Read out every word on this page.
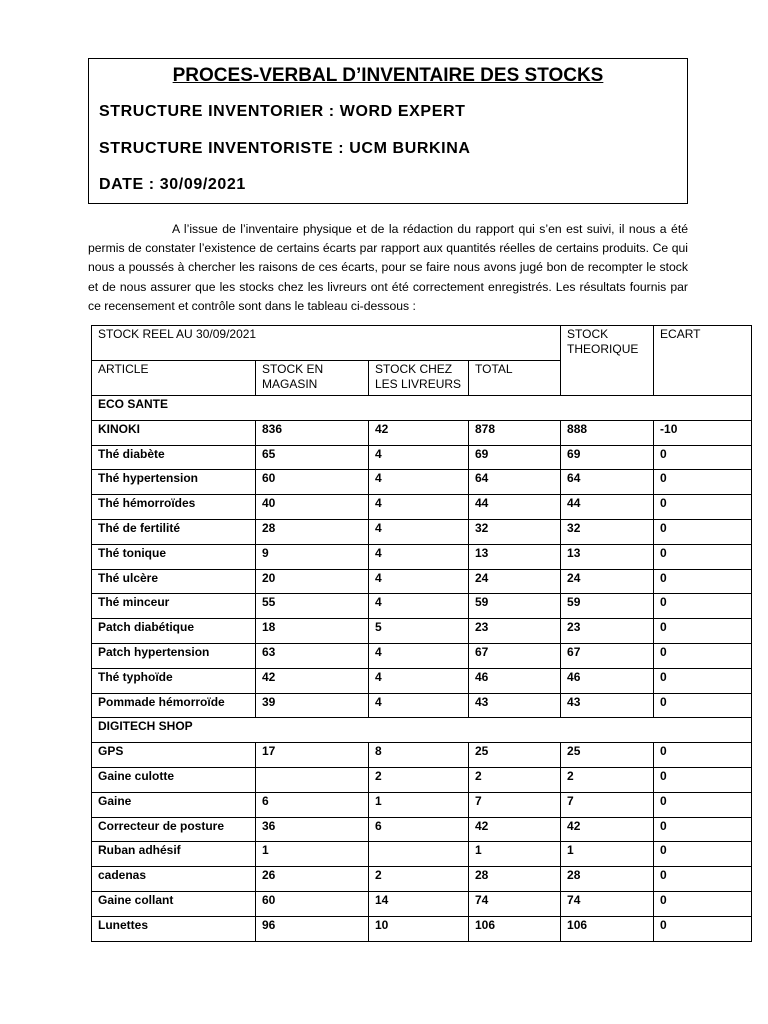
PROCES-VERBAL D’INVENTAIRE DES STOCKS
STRUCTURE INVENTORIER : WORD EXPERT
STRUCTURE INVENTORISTE : UCM BURKINA
DATE : 30/09/2021
A l’issue de l’inventaire physique et de la rédaction du rapport qui s’en est suivi, il nous a été permis de constater l’existence de certains écarts par rapport aux quantités réelles de certains produits. Ce qui nous a poussés à chercher les raisons de ces écarts, pour se faire nous avons jugé bon de recompter le stock et de nous assurer que les stocks chez les livreurs ont été correctement enregistrés. Les résultats fournis par ce recensement et contrôle sont dans le tableau ci-dessous :
STOCK REEL AU 30/09/2021				STOCK THEORIQUE	ECART
ARTICLE	STOCK EN MAGASIN	STOCK CHEZ LES LIVREURS	TOTAL		
ECO SANTE					
KINOKI	836	42	878	888	-10
Thé diabète	65	4	69	69	0
Thé hypertension	60	4	64	64	0
Thé hémorroïdes	40	4	44	44	0
Thé de fertilité	28	4	32	32	0
Thé tonique	9	4	13	13	0
Thé ulcère	20	4	24	24	0
Thé minceur	55	4	59	59	0
Patch diabétique	18	5	23	23	0
Patch hypertension	63	4	67	67	0
Thé typhoïde	42	4	46	46	0
Pommade hémorroïde	39	4	43	43	0
DIGITECH SHOP					
GPS	17	8	25	25	0
Gaine culotte		2	2	2	0
Gaine	6	1	7	7	0
Correcteur de posture	36	6	42	42	0
Ruban adhésif	1		1	1	0
cadenas	26	2	28	28	0
Gaine collant	60	14	74	74	0
Lunettes	96	10	106	106	0
